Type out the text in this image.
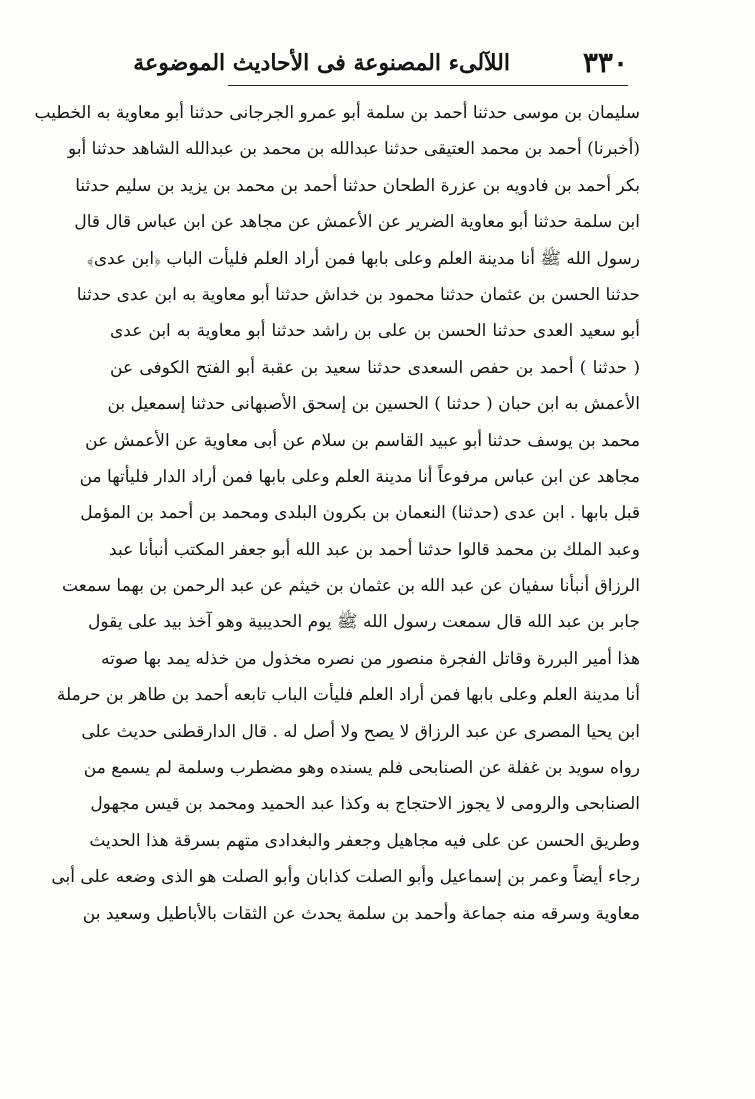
٣٣٠
اللآلىء المصنوعة فى الأحاديث الموضوعة
سليمان بن موسى حدثنا أحمد بن سلمة أبو عمرو الجرجانى حدثنا أبو معاوية به الخطيب
(أخبرنا) أحمد بن محمد العتيقى حدثنا عبدالله بن محمد بن عبدالله الشاهد حدثنا أبو
بكر أحمد بن فادويه بن عزرة الطحان حدثنا أحمد بن محمد بن يزيد بن سليم حدثنا
ابن سلمة حدثنا أبو معاوية الضرير عن الأعمش عن مجاهد عن ابن عباس قال قال
رسول الله ﷺ أنا مدينة العلم وعلى بابها فمن أراد العلم فليأت الباب ﴿ابن عدى﴾
حدثنا الحسن بن عثمان حدثنا محمود بن خداش حدثنا أبو معاوية به ابن عدى حدثنا
أبو سعيد العدى حدثنا الحسن بن على بن راشد حدثنا أبو معاوية به ابن عدى
( حدثنا ) أحمد بن حفص السعدى حدثنا سعيد بن عقبة أبو الفتح الكوفى عن
الأعمش به ابن حبان ( حدثنا ) الحسين بن إسحق الأصبهانى حدثنا إسمعيل بن
محمد بن يوسف حدثنا أبو عبيد القاسم بن سلام عن أبى معاوية عن الأعمش عن
مجاهد عن ابن عباس مرفوعاً أنا مدينة العلم وعلى بابها فمن أراد الدار فليأتها من
قبل بابها . ابن عدى (حدثنا) النعمان بن بكرون البلدى ومحمد بن أحمد بن المؤمل
وعبد الملك بن محمد قالوا حدثنا أحمد بن عبد الله أبو جعفر المكتب أنبأنا عبد
الرزاق أنبأنا سفيان عن عبد الله بن عثمان بن خيثم عن عبد الرحمن بن بهما سمعت
جابر بن عبد الله قال سمعت رسول الله ﷺ يوم الحديبية وهو آخذ بيد على يقول
هذا أمير البررة وقاتل الفجرة منصور من نصره مخذول من خذله يمد بها صوته
أنا مدينة العلم وعلى بابها فمن أراد العلم فليأت الباب تابعه أحمد بن طاهر بن حرملة
ابن يحيا المصرى عن عبد الرزاق لا يصح ولا أصل له . قال الدارقطنى حديث على
رواه سويد بن غفلة عن الصنابحى فلم يسنده وهو مضطرب وسلمة لم يسمع من
الصنابحى والرومى لا يجوز الاحتجاج به وكذا عبد الحميد ومحمد بن قيس مجهول
وطريق الحسن عن على فيه مجاهيل وجعفر والبغدادى متهم بسرقة هذا الحديث
رجاء أيضاً وعمر بن إسماعيل وأبو الصلت كذابان وأبو الصلت هو الذى وضعه على أبى
معاوية وسرقه منه جماعة وأحمد بن سلمة يحدث عن الثقات بالأباطيل وسعيد بن
